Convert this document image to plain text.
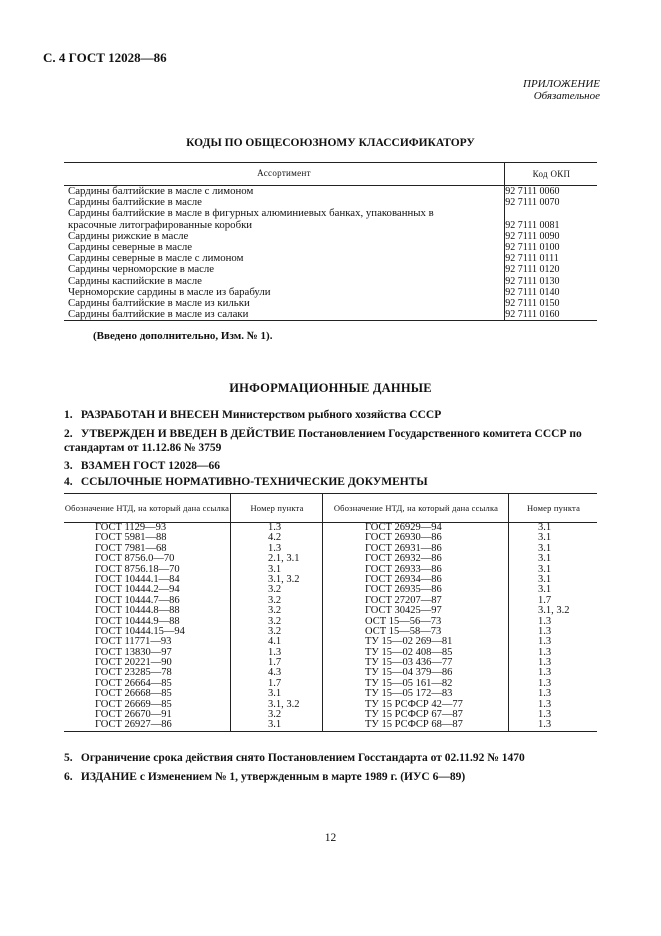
С. 4 ГОСТ 12028—86
ПРИЛОЖЕНИЕ
Обязательное
КОДЫ ПО ОБЩЕСОЮЗНОМУ КЛАССИФИКАТОРУ
Ассортимент	Код ОКП
Сардины балтийские в масле с лимоном	92 7111 0060
Сардины балтийские в масле	92 7111 0070
Сардины балтийские в масле в фигурных алюминиевых банках, упакованных в
красочные литографированные коробки	92 7111 0081
Сардины рижские в масле	92 7111 0090
Сардины северные в масле	92 7111 0100
Сардины северные в масле с лимоном	92 7111 0111
Сардины черноморские в масле	92 7111 0120
Сардины каспийские в масле	92 7111 0130
Черноморские сардины в масле из барабули	92 7111 0140
Сардины балтийские в масле из кильки	92 7111 0150
Сардины балтийские в масле из салаки	92 7111 0160
(Введено дополнительно, Изм. № 1).
ИНФОРМАЦИОННЫЕ ДАННЫЕ
1. РАЗРАБОТАН И ВНЕСЕН Министерством рыбного хозяйства СССР
2. УТВЕРЖДЕН И ВВЕДЕН В ДЕЙСТВИЕ Постановлением Государственного комитета СССР по стандартам от 11.12.86 № 3759
3. ВЗАМЕН ГОСТ 12028—66
4. ССЫЛОЧНЫЕ НОРМАТИВНО-ТЕХНИЧЕСКИЕ ДОКУМЕНТЫ
Обозначение НТД, на который дана ссылка	Номер пункта	Обозначение НТД, на который дана ссылка	Номер пункта
ГОСТ 1129—93	1.3	ГОСТ 26929—94	3.1
ГОСТ 5981—88	4.2	ГОСТ 26930—86	3.1
ГОСТ 7981—68	1.3	ГОСТ 26931—86	3.1
ГОСТ 8756.0—70	2.1, 3.1	ГОСТ 26932—86	3.1
ГОСТ 8756.18—70	3.1	ГОСТ 26933—86	3.1
ГОСТ 10444.1—84	3.1, 3.2	ГОСТ 26934—86	3.1
ГОСТ 10444.2—94	3.2	ГОСТ 26935—86	3.1
ГОСТ 10444.7—86	3.2	ГОСТ 27207—87	1.7
ГОСТ 10444.8—88	3.2	ГОСТ 30425—97	3.1, 3.2
ГОСТ 10444.9—88	3.2	ОСТ 15—56—73	1.3
ГОСТ 10444.15—94	3.2	ОСТ 15—58—73	1.3
ГОСТ 11771—93	4.1	ТУ 15—02 269—81	1.3
ГОСТ 13830—97	1.3	ТУ 15—02 408—85	1.3
ГОСТ 20221—90	1.7	ТУ 15—03 436—77	1.3
ГОСТ 23285—78	4.3	ТУ 15—04 379—86	1.3
ГОСТ 26664—85	1.7	ТУ 15—05 161—82	1.3
ГОСТ 26668—85	3.1	ТУ 15—05 172—83	1.3
ГОСТ 26669—85	3.1, 3.2	ТУ 15 РСФСР 42—77	1.3
ГОСТ 26670—91	3.2	ТУ 15 РСФСР 67—87	1.3
ГОСТ 26927—86	3.1	ТУ 15 РСФСР 68—87	1.3
5. Ограничение срока действия снято Постановлением Госстандарта от 02.11.92 № 1470
6. ИЗДАНИЕ с Изменением № 1, утвержденным в марте 1989 г. (ИУС 6—89)
12
